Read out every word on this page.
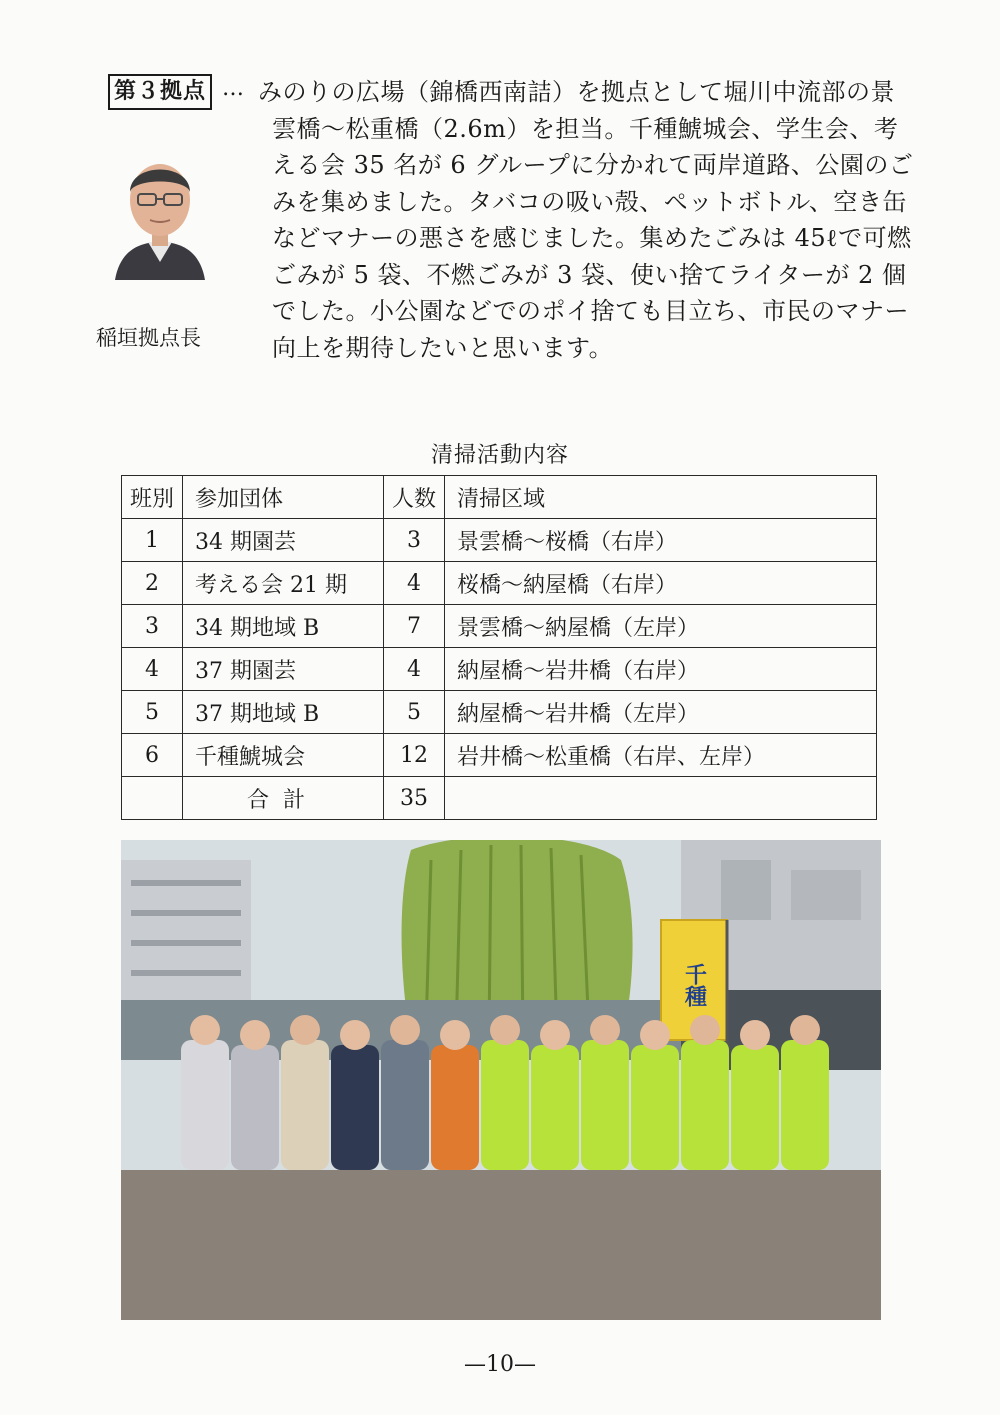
第３拠点 … みのりの広場（錦橋西南詰）を拠点として堀川中流部の景
雲橋～松重橋（2.6m）を担当。千種鯱城会、学生会、考
える会 35 名が 6 グループに分かれて両岸道路、公園のご
みを集めました。タバコの吸い殻、ペットボトル、空き缶
などマナーの悪さを感じました。集めたごみは 45ℓで可燃
ごみが 5 袋、不燃ごみが 3 袋、使い捨てライターが 2 個
でした。小公園などでのポイ捨ても目立ち、市民のマナー
向上を期待したいと思います。
稲垣拠点長
清掃活動内容
班別	参加団体	人数	清掃区域
1	34 期園芸	3	景雲橋～桜橋（右岸）
2	考える会 21 期	4	桜橋～納屋橋（右岸）
3	34 期地域 B	7	景雲橋～納屋橋（左岸）
4	37 期園芸	4	納屋橋～岩井橋（右岸）
5	37 期地域 B	5	納屋橋～岩井橋（左岸）
6	千種鯱城会	12	岩井橋～松重橋（右岸、左岸）
	合計	35	
千種
—10—
